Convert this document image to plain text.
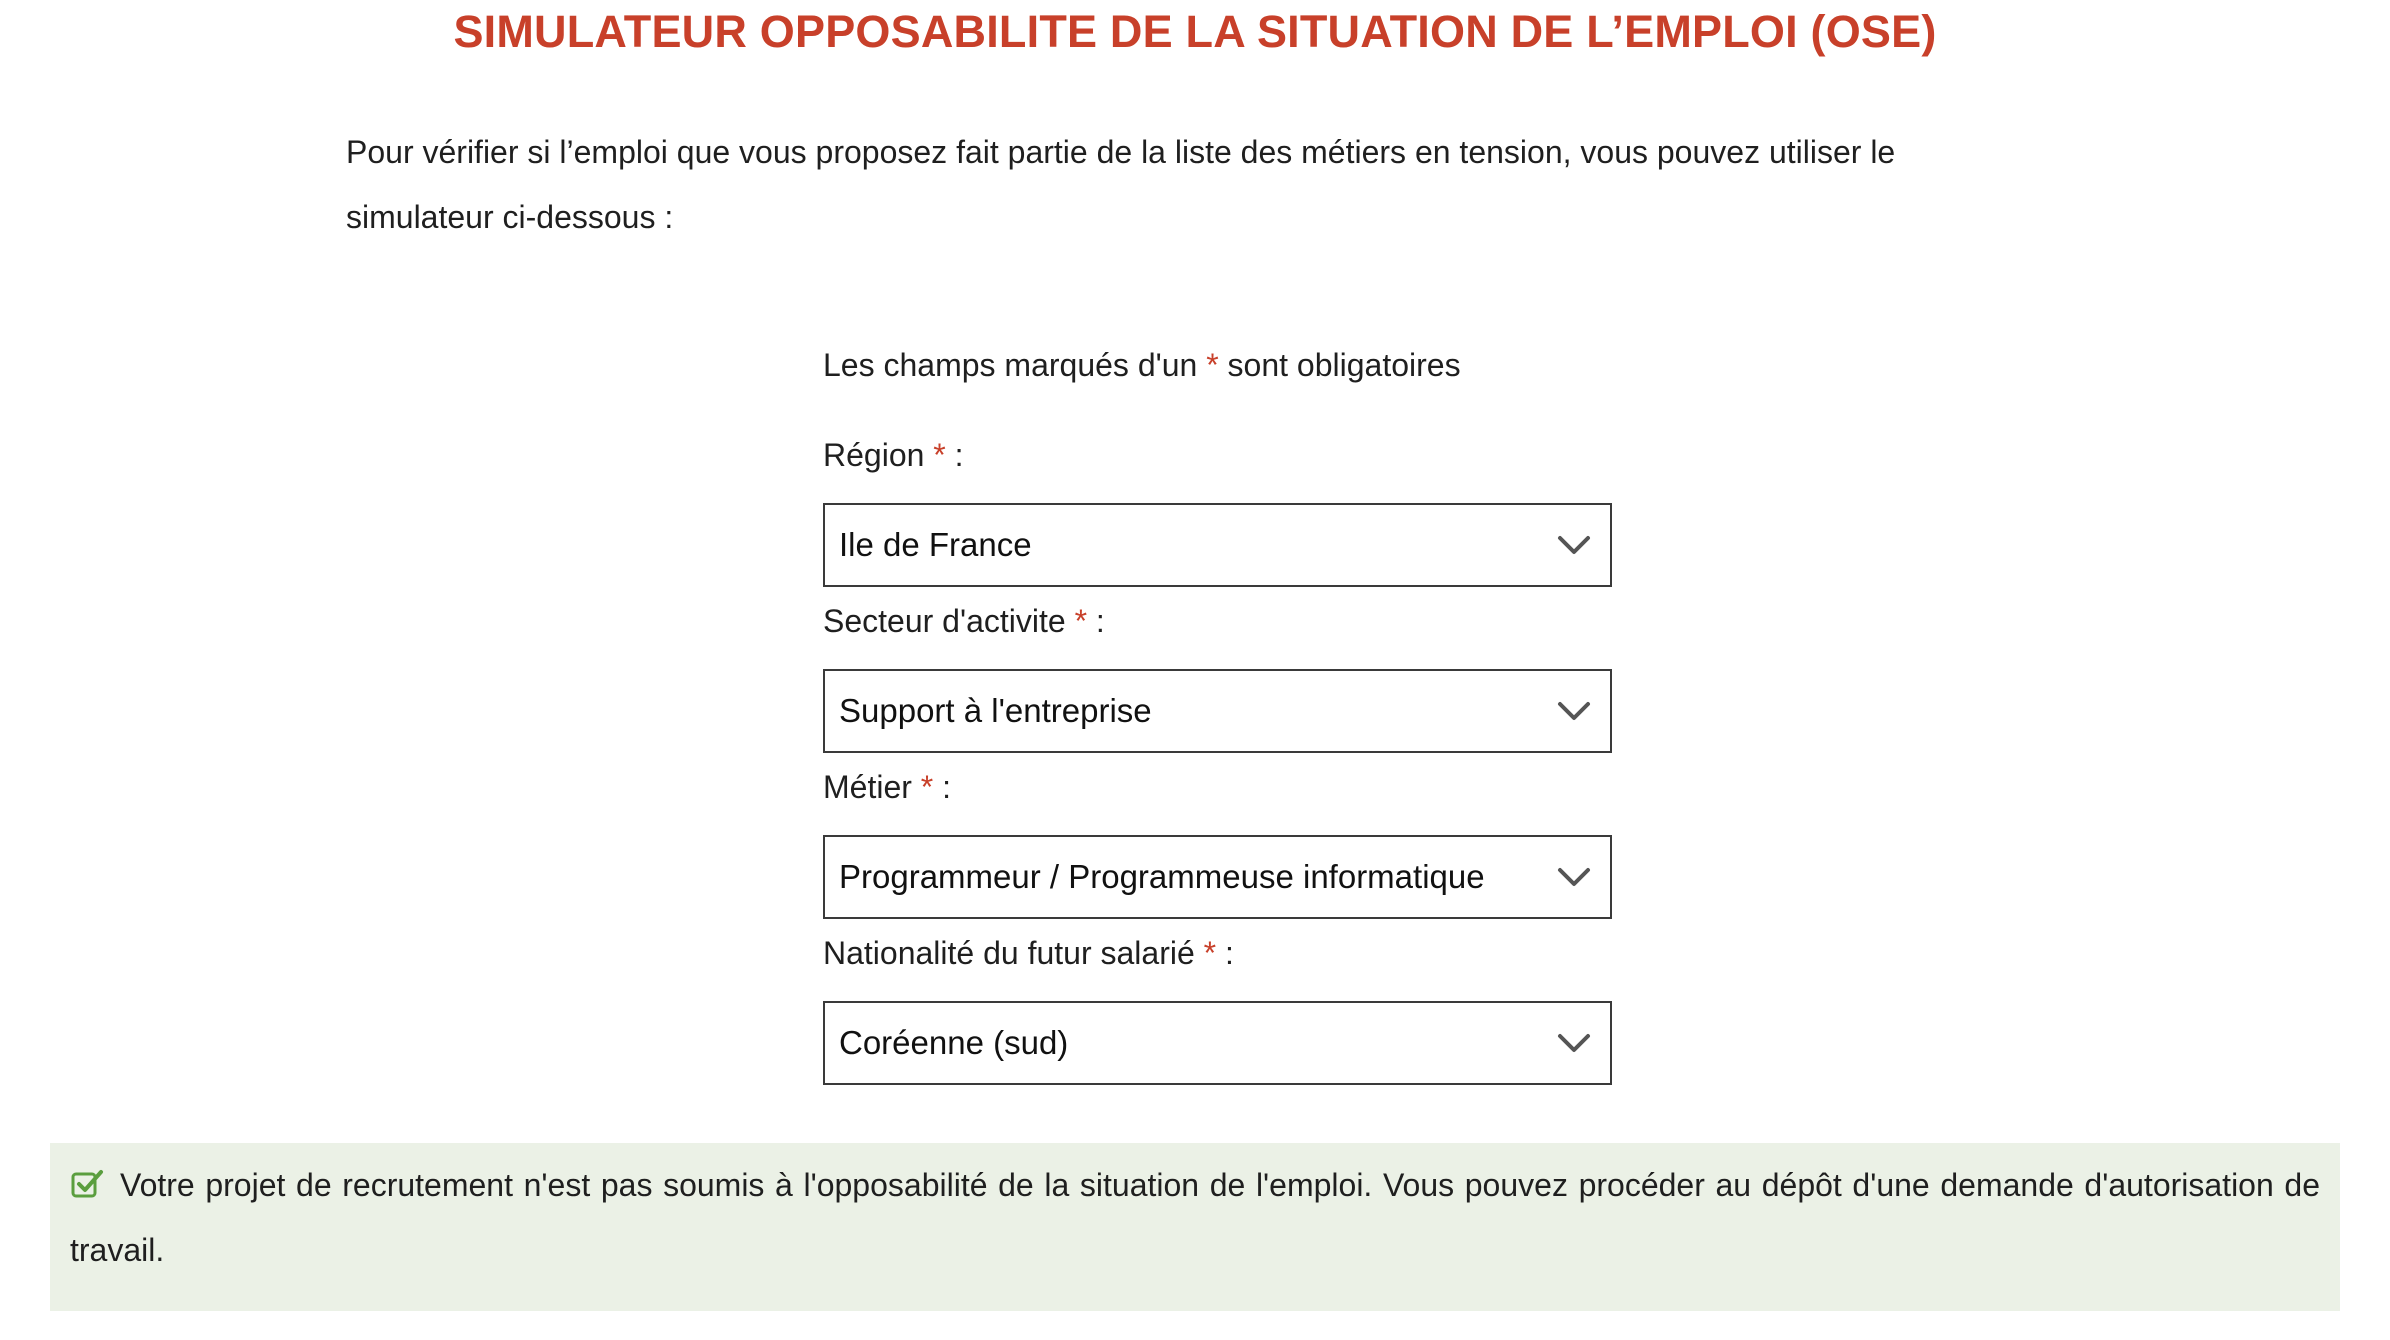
SIMULATEUR OPPOSABILITE DE LA SITUATION DE L’EMPLOI (OSE)

Pour vérifier si l’emploi que vous proposez fait partie de la liste des métiers en tension, vous pouvez utiliser le simulateur ci-dessous :

Les champs marqués d'un * sont obligatoires

Région * :
Ile de France
Secteur d'activite * :
Support à l'entreprise
Métier * :
Programmeur / Programmeuse informatique
Nationalité du futur salarié * :
Coréenne (sud)

Votre projet de recrutement n'est pas soumis à l'opposabilité de la situation de l'emploi. Vous pouvez procéder au dépôt d'une demande d'autorisation de travail.
